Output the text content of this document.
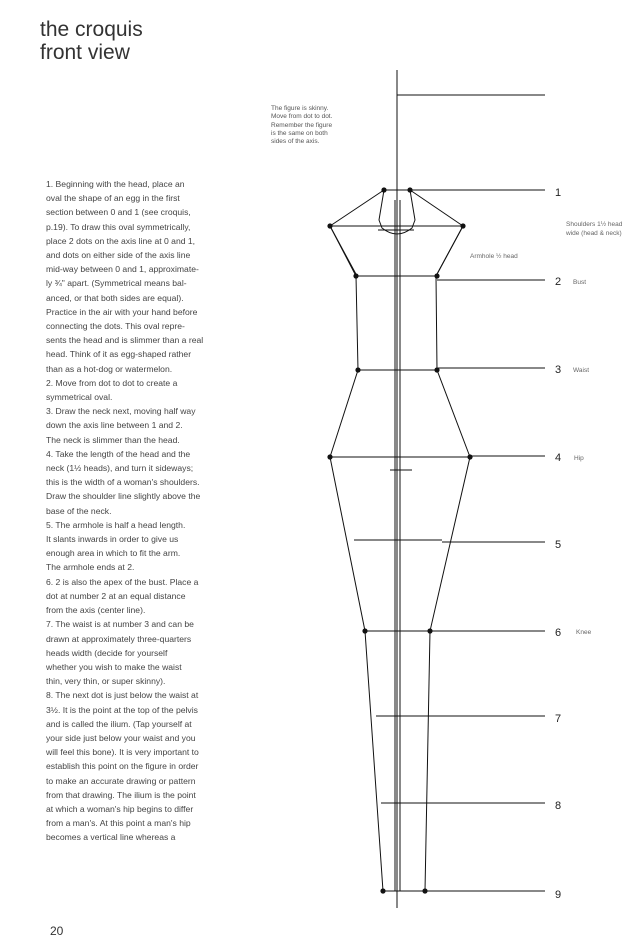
the croquis
front view
The figure is skinny.
Move from dot to dot.
Remember the figure
is the same on both
sides of the axis.
1. Beginning with the head, place an
oval the shape of an egg in the first
section between 0 and 1 (see croquis,
p.19). To draw this oval symmetrically,
place 2 dots on the axis line at 0 and 1,
and dots on either side of the axis line
mid-way between 0 and 1, approximate-
ly ¾" apart. (Symmetrical means bal-
anced, or that both sides are equal).
Practice in the air with your hand before
connecting the dots. This oval repre-
sents the head and is slimmer than a real
head. Think of it as egg-shaped rather
than as a hot-dog or watermelon.
2. Move from dot to dot to create a
symmetrical oval.
3. Draw the neck next, moving half way
down the axis line between 1 and 2.
The neck is slimmer than the head.
4. Take the length of the head and the
neck (1½ heads), and turn it sideways;
this is the width of a woman's shoulders.
Draw the shoulder line slightly above the
base of the neck.
5. The armhole is half a head length.
It slants inwards in order to give us
enough area in which to fit the arm.
The armhole ends at 2.
6. 2 is also the apex of the bust. Place a
dot at number 2 at an equal distance
from the axis (center line).
7. The waist is at number 3 and can be
drawn at approximately three-quarters
heads width (decide for yourself
whether you wish to make the waist
thin, very thin, or super skinny).
8. The next dot is just below the waist at
3½. It is the point at the top of the pelvis
and is called the ilium. (Tap yourself at
your side just below your waist and you
will feel this bone). It is very important to
establish this point on the figure in order
to make an accurate drawing or pattern
from that drawing. The ilium is the point
at which a woman's hip begins to differ
from a man's. At this point a man's hip
becomes a vertical line whereas a
1
Shoulders 1½ head
wide (head & neck)
Armhole ½ head
2 Bust
3 Waist
4 Hip
5
6 Knee
7
8
9
20
